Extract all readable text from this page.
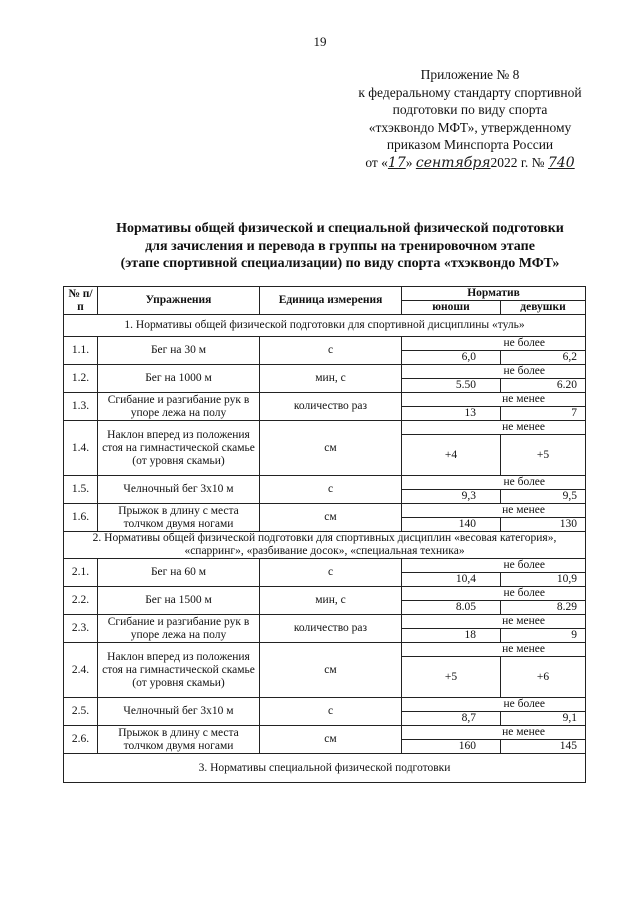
19
Приложение № 8
к федеральному стандарту спортивной
подготовки по виду спорта
«тхэквондо МФТ», утвержденному
приказом Минспорта России
от «17» сентября2022 г. № 740
Нормативы общей физической и специальной физической подготовки
для зачисления и перевода в группы на тренировочном этапе
(этапе спортивной специализации) по виду спорта «тхэквондо МФТ»
№ п/п	Упражнения	Единица измерения	Норматив	
			юноши	девушки
1. Нормативы общей физической подготовки для спортивной дисциплины «туль»				
1.1.	Бег на 30 м	с	не более	
			6,0	6,2
1.2.	Бег на 1000 м	мин, с	не более	
			5.50	6.20
1.3.	Сгибание и разгибание рук в упоре лежа на полу	количество раз	не менее	
			13	7
1.4.	Наклон вперед из положения стоя на гимнастической скамье (от уровня скамьи)	см	не менее	
			+4	+5
1.5.	Челночный бег 3х10 м	с	не более	
			9,3	9,5
1.6.	Прыжок в длину с места толчком двумя ногами	см	не менее	
			140	130
2. Нормативы общей физической подготовки для спортивных дисциплин «весовая категория», «спарринг», «разбивание досок», «специальная техника»				
2.1.	Бег на 60 м	с	не более	
			10,4	10,9
2.2.	Бег на 1500 м	мин, с	не более	
			8.05	8.29
2.3.	Сгибание и разгибание рук в упоре лежа на полу	количество раз	не менее	
			18	9
2.4.	Наклон вперед из положения стоя на гимнастической скамье (от уровня скамьи)	см	не менее	
			+5	+6
2.5.	Челночный бег 3х10 м	с	не более	
			8,7	9,1
2.6.	Прыжок в длину с места толчком двумя ногами	см	не менее	
			160	145
3. Нормативы специальной физической подготовки				
